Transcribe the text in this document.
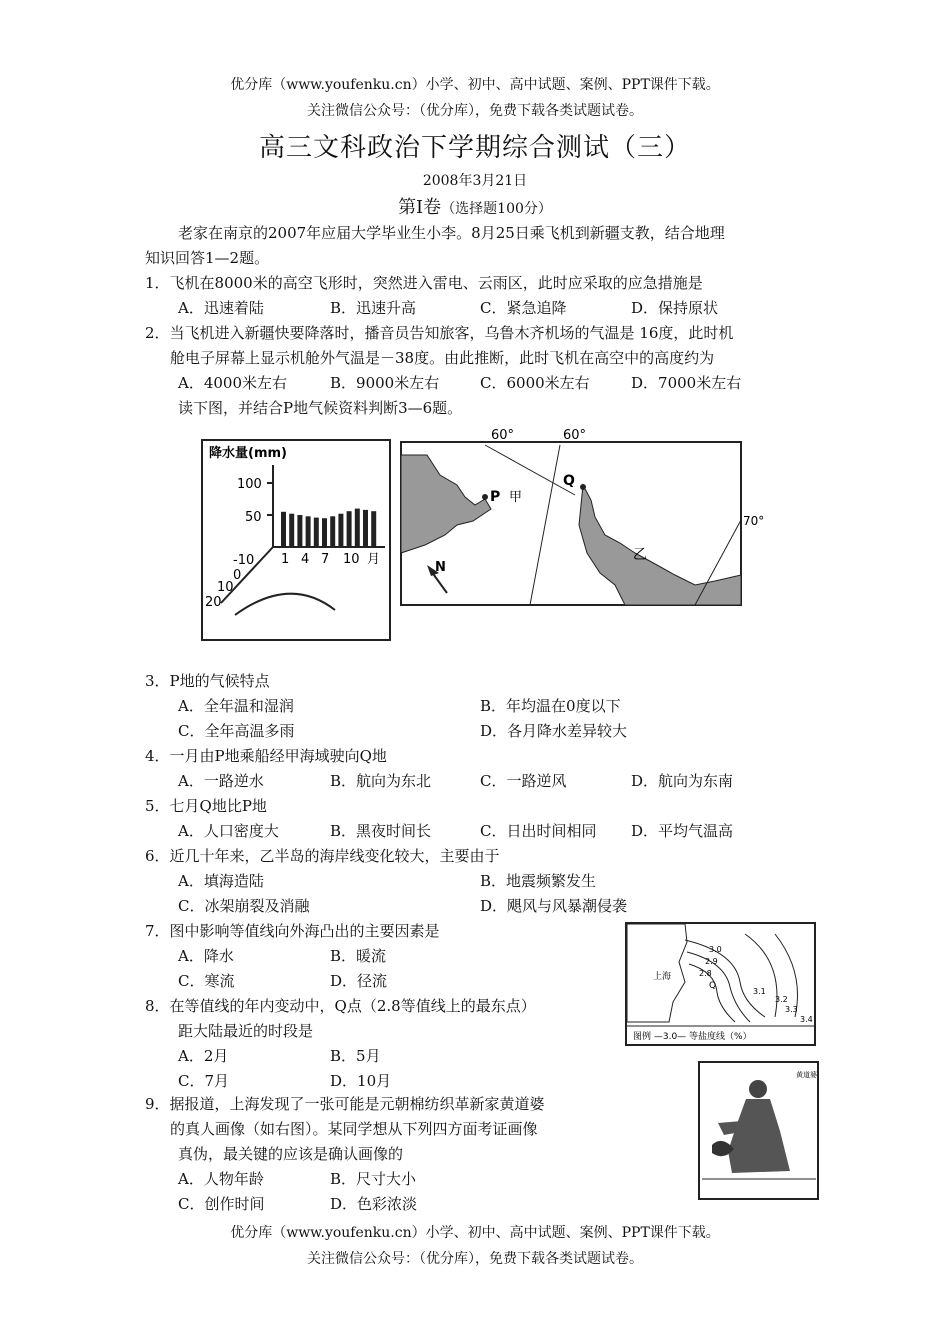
优分库（www.youfenku.cn）小学、初中、高中试题、案例、PPT课件下载。
关注微信公众号：（优分库），免费下载各类试题试卷。
高三文科政治下学期综合测试（三）
2008年3月21日
第Ⅰ卷（选择题100分）
老家在南京的2007年应届大学毕业生小李。8月25日乘飞机到新疆支教，结合地理
知识回答1—2题。
1．飞机在8000米的高空飞形时，突然进入雷电、云雨区，此时应采取的应急措施是
A．迅速着陆	B．迅速升高	C．紧急追降	D．保持原状
2．当飞机进入新疆快要降落时，播音员告知旅客，乌鲁木齐机场的气温是 16度，此时机
舱电子屏幕上显示机舱外气温是－38度。由此推断，此时飞机在高空中的高度约为
A．4000米左右	B．9000米左右	C．6000米左右	D．7000米左右
读下图，并结合P地气候资料判断3—6题。
降水量(mm)
100
50
1 4 7 10 月
-10
0
10
20
60°	60°
70°
P 甲
Q
乙
N
3．P地的气候特点
A．全年温和湿润	B．年均温在0度以下
C．全年高温多雨	D．各月降水差异较大
4．一月由P地乘船经甲海域驶向Q地
A．一路逆水	B．航向为东北	C．一路逆风	D．航向为东南
5．七月Q地比P地
A．人口密度大	B．黑夜时间长	C．日出时间相同 D．平均气温高
6．近几十年来，乙半岛的海岸线变化较大，主要由于
A．填海造陆	B．地震频繁发生
C．冰架崩裂及消融	D．飓风与风暴潮侵袭
7．图中影响等值线向外海凸出的主要因素是
A．降水	B．暖流
C．寒流	D．径流
8．在等值线的年内变动中，Q点（2.8等值线上的最东点）
距大陆最近的时段是
A．2月	B．5月
C．7月	D．10月
上海
Q
3.0
2.9
2.8
3.1
3.2
3.3
3.4
图例 —3.0— 等盐度线（%）
黄道婆
9．据报道，上海发现了一张可能是元朝棉纺织革新家黄道婆
的真人画像（如右图）。某同学想从下列四方面考证画像
真伪，最关键的应该是确认画像的
A．人物年龄	B．尺寸大小
C．创作时间	D．色彩浓淡
优分库（www.youfenku.cn）小学、初中、高中试题、案例、PPT课件下载。
关注微信公众号：（优分库），免费下载各类试题试卷。
